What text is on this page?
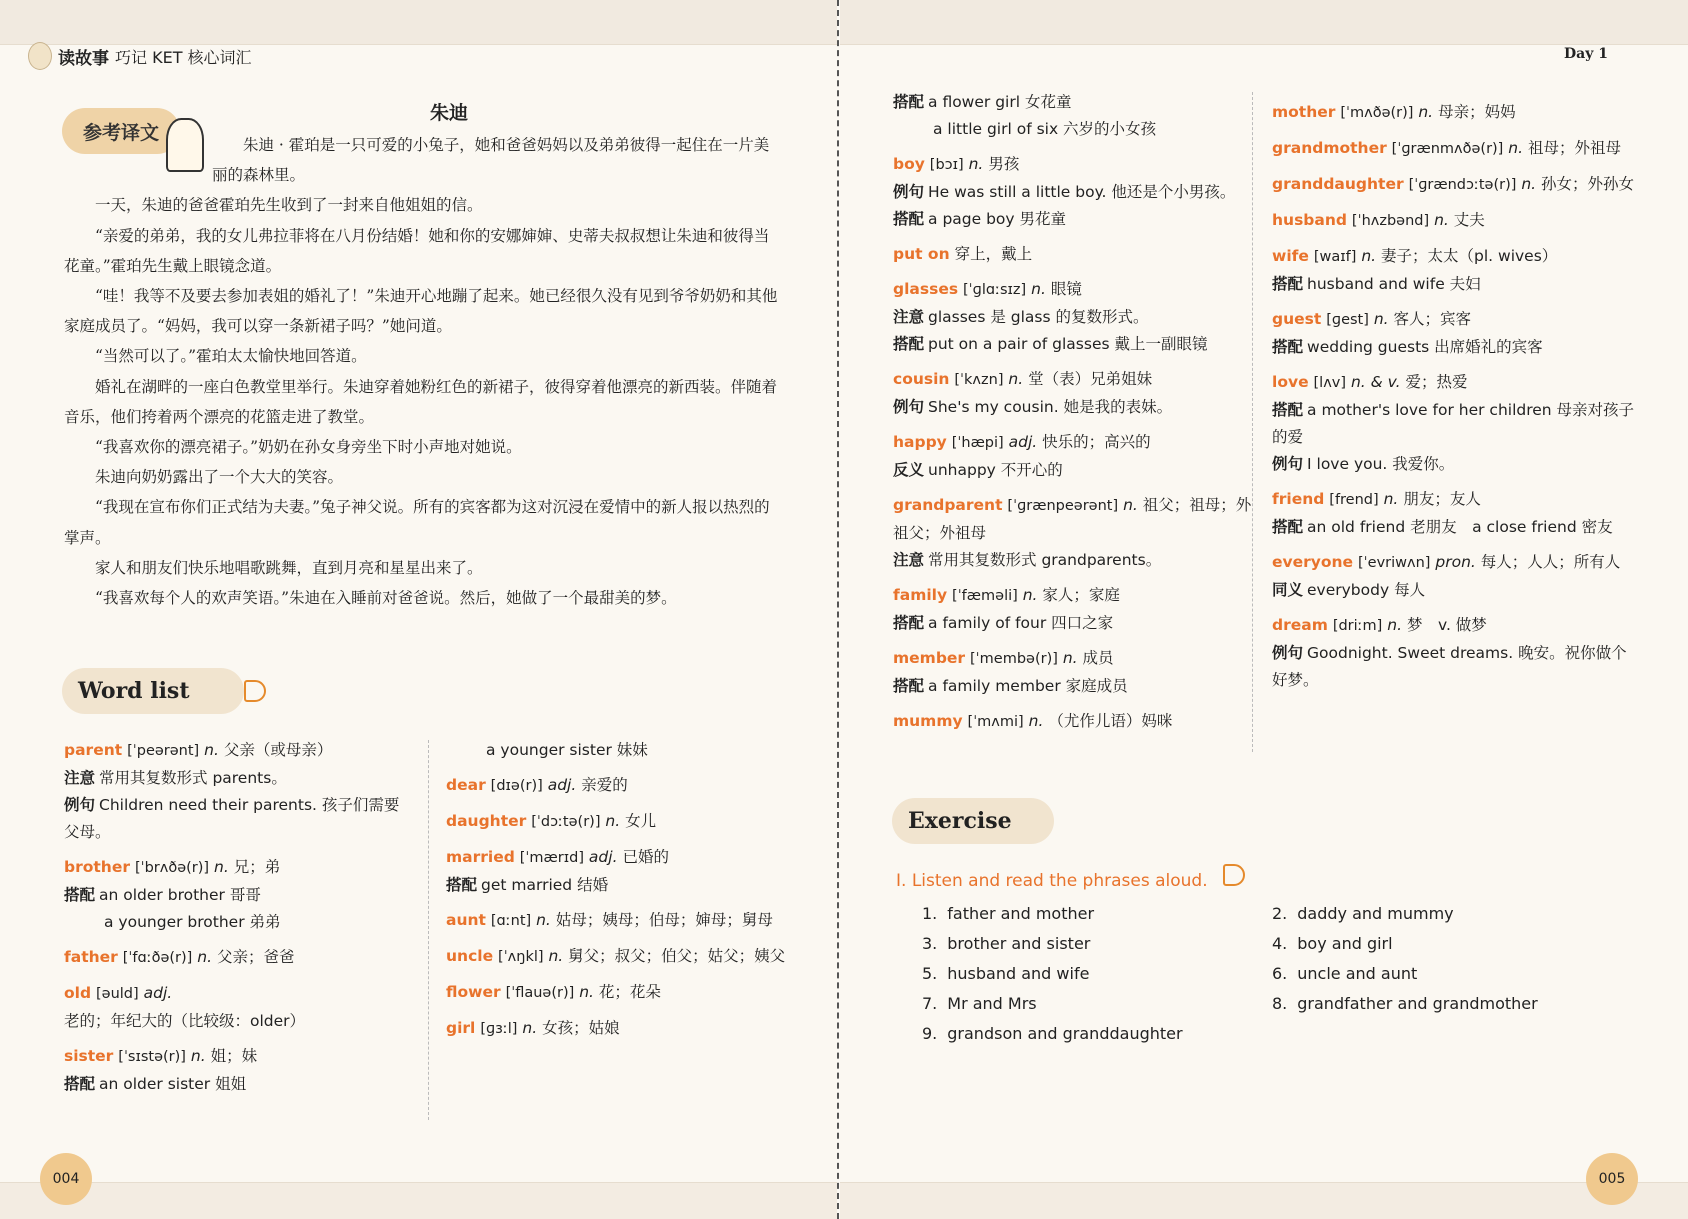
读故事 巧记 KET 核心词汇	Day 1
参考译文
朱迪

朱迪 · 霍珀是一只可爱的小兔子，她和爸爸妈妈以及弟弟彼得一起住在一片美丽的森林里。

一天，朱迪的爸爸霍珀先生收到了一封来自他姐姐的信。

“亲爱的弟弟，我的女儿弗拉菲将在八月份结婚！她和你的安娜婶婶、史蒂夫叔叔想让朱迪和彼得当花童。”霍珀先生戴上眼镜念道。

“哇！我等不及要去参加表姐的婚礼了！”朱迪开心地蹦了起来。她已经很久没有见到爷爷奶奶和其他家庭成员了。“妈妈，我可以穿一条新裙子吗？”她问道。

“当然可以了。”霍珀太太愉快地回答道。

婚礼在湖畔的一座白色教堂里举行。朱迪穿着她粉红色的新裙子，彼得穿着他漂亮的新西装。伴随着音乐，他们挎着两个漂亮的花篮走进了教堂。

“我喜欢你的漂亮裙子。”奶奶在孙女身旁坐下时小声地对她说。

朱迪向奶奶露出了一个大大的笑容。

“我现在宣布你们正式结为夫妻。”兔子神父说。所有的宾客都为这对沉浸在爱情中的新人报以热烈的掌声。

家人和朋友们快乐地唱歌跳舞，直到月亮和星星出来了。

“我喜欢每个人的欢声笑语。”朱迪在入睡前对爸爸说。然后，她做了一个最甜美的梦。

Word list
parent [ˈpeərənt] n. 父亲（或母亲）
注意 常用其复数形式 parents。
例句 Children need their parents. 孩子们需要父母。
brother [ˈbrʌðə(r)] n. 兄；弟
搭配 an older brother 哥哥
a younger brother 弟弟
father [ˈfɑːðə(r)] n. 父亲；爸爸
old [əuld] adj. 老的；年纪大的（比较级：older）
sister [ˈsɪstə(r)] n. 姐；妹
搭配 an older sister 姐姐
a younger sister 妹妹
dear [dɪə(r)] adj. 亲爱的
daughter [ˈdɔːtə(r)] n. 女儿
married [ˈmærɪd] adj. 已婚的
搭配 get married 结婚
aunt [ɑːnt] n. 姑母；姨母；伯母；婶母；舅母
uncle [ˈʌŋkl] n. 舅父；叔父；伯父；姑父；姨父
flower [ˈflauə(r)] n. 花；花朵
girl [ɡɜːl] n. 女孩；姑娘
搭配 a flower girl 女花童
a little girl of six 六岁的小女孩
boy [bɔɪ] n. 男孩
例句 He was still a little boy. 他还是个小男孩。
搭配 a page boy 男花童
put on 穿上，戴上
glasses [ˈɡlɑːsɪz] n. 眼镜
注意 glasses 是 glass 的复数形式。
搭配 put on a pair of glasses 戴上一副眼镜
cousin [ˈkʌzn] n. 堂（表）兄弟姐妹
例句 She's my cousin. 她是我的表妹。
happy [ˈhæpi] adj. 快乐的；高兴的
反义 unhappy 不开心的
grandparent [ˈɡrænpeərənt] n. 祖父；祖母；外祖父；外祖母
注意 常用其复数形式 grandparents。
family [ˈfæməli] n. 家人；家庭
搭配 a family of four 四口之家
member [ˈmembə(r)] n. 成员
搭配 a family member 家庭成员
mummy [ˈmʌmi] n. （尤作儿语）妈咪
mother [ˈmʌðə(r)] n. 母亲；妈妈
grandmother [ˈɡrænmʌðə(r)] n. 祖母；外祖母
granddaughter [ˈɡrændɔːtə(r)] n. 孙女；外孙女
husband [ˈhʌzbənd] n. 丈夫
wife [waɪf] n. 妻子；太太（pl. wives）
搭配 husband and wife 夫妇
guest [ɡest] n. 客人；宾客
搭配 wedding guests 出席婚礼的宾客
love [lʌv] n. & v. 爱；热爱
搭配 a mother's love for her children 母亲对孩子的爱
例句 I love you. 我爱你。
friend [frend] n. 朋友；友人
搭配 an old friend 老朋友　a close friend 密友
everyone [ˈevriwʌn] pron. 每人；人人；所有人
同义 everybody 每人
dream [driːm] n. 梦　v. 做梦
例句 Goodnight. Sweet dreams. 晚安。祝你做个好梦。
Exercise
Ⅰ. Listen and read the phrases aloud.
1. father and mother
3. brother and sister
5. husband and wife
7. Mr and Mrs
9. grandson and granddaughter
2. daddy and mummy
4. boy and girl
6. uncle and aunt
8. grandfather and grandmother
004	005
